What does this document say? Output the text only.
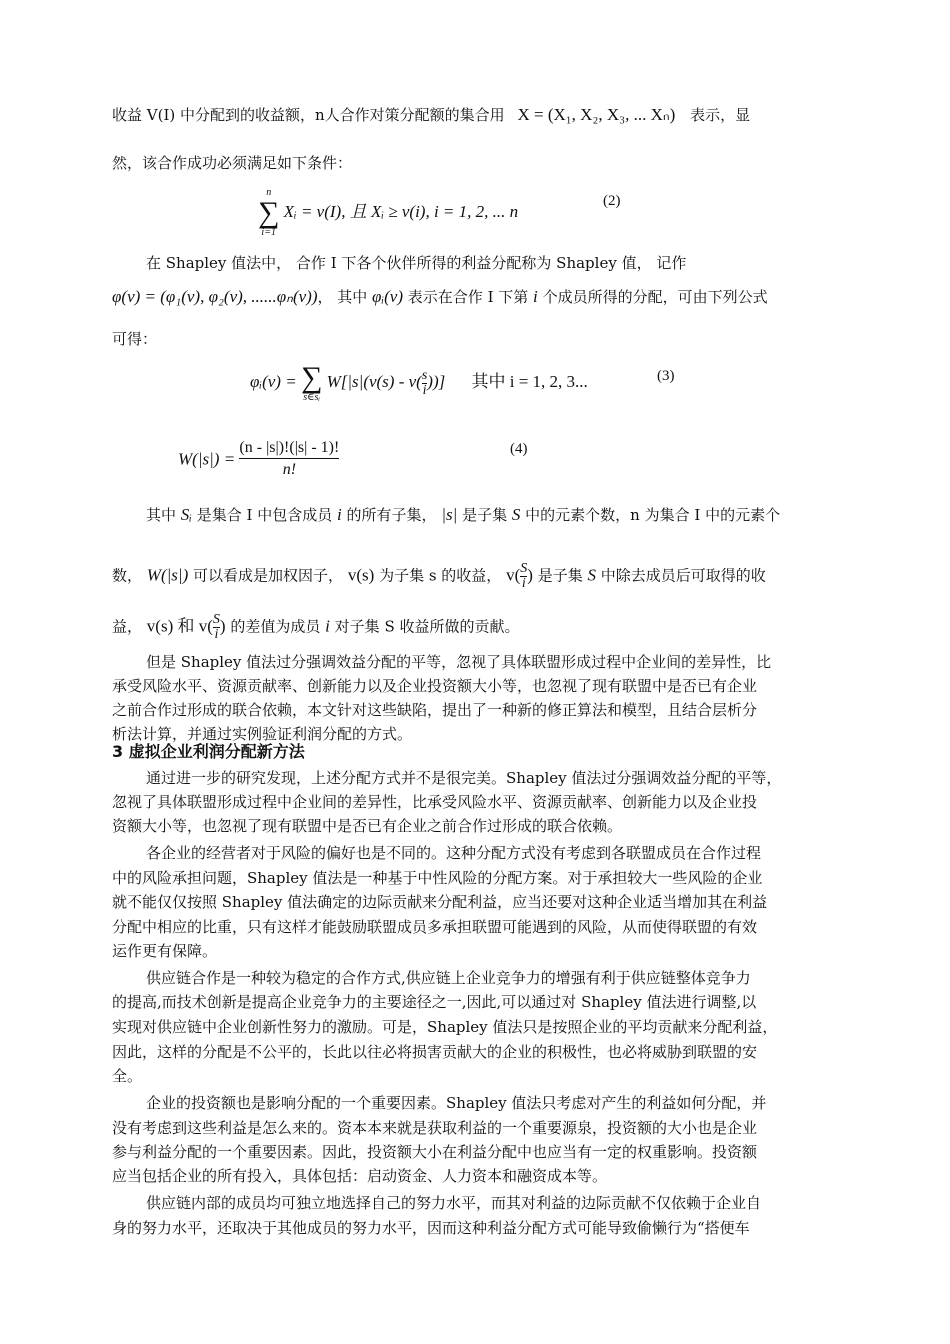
收益 V(I) 中分配到的收益额，n人合作对策分配额的集合用 X = (X₁, X₂, X₃, ... Xₙ) 表示，显
然，该合作成功必须满足如下条件：
n
∑
i=1
Xᵢ = v(I), 且 Xᵢ ≥ v(i), i = 1, 2, ... n
(2)
在 Shapley 值法中， 合作 I 下各个伙伴所得的利益分配称为 Shapley 值， 记作
φ(v) = (φ₁(v), φ₂(v), ......φₙ(v))， 其中 φᵢ(v) 表示在合作 I 下第 i 个成员所得的分配，可由下列公式
可得：
φᵢ(v) = ∑
s∈sᵢ
$W[|s|(v(s) - v( \frac{s}{i}$ ))] 其中 i = 1, 2, 3...	(3)
$W(|s|) = \frac{(n - |s|)!(|s| - 1)!}{n!}$	(4)
其中 Sᵢ 是集合 I 中包含成员 i 的所有子集， |s| 是子集 S 中的元素个数，n 为集合 I 中的元素个
数， W(|s|) 可以看成是加权因子， v(s) 为子集 s 的收益， $v( \frac{S}{i}$ ) 是子集 S 中除去成员后可取得的收
益， v(s) 和 $v( \frac{S}{i}$ ) 的差值为成员 i 对子集 S 收益所做的贡献。
但是 Shapley 值法过分强调效益分配的平等，忽视了具体联盟形成过程中企业间的差异性，比
承受风险水平、资源贡献率、创新能力以及企业投资额大小等，也忽视了现有联盟中是否已有企业
之前合作过形成的联合依赖，本文针对这些缺陷，提出了一种新的修正算法和模型，且结合层析分
析法计算，并通过实例验证利润分配的方式。
3 虚拟企业利润分配新方法
通过进一步的研究发现，上述分配方式并不是很完美。Shapley 值法过分强调效益分配的平等，
忽视了具体联盟形成过程中企业间的差异性，比承受风险水平、资源贡献率、创新能力以及企业投
资额大小等，也忽视了现有联盟中是否已有企业之前合作过形成的联合依赖。
各企业的经营者对于风险的偏好也是不同的。这种分配方式没有考虑到各联盟成员在合作过程
中的风险承担问题，Shapley 值法是一种基于中性风险的分配方案。对于承担较大一些风险的企业
就不能仅仅按照 Shapley 值法确定的边际贡献来分配利益，应当还要对这种企业适当增加其在利益
分配中相应的比重，只有这样才能鼓励联盟成员多承担联盟可能遇到的风险，从而使得联盟的有效
运作更有保障。
供应链合作是一种较为稳定的合作方式,供应链上企业竞争力的增强有利于供应链整体竞争力
的提高,而技术创新是提高企业竞争力的主要途径之一,因此,可以通过对 Shapley 值法进行调整,以
实现对供应链中企业创新性努力的激励。可是，Shapley 值法只是按照企业的平均贡献来分配利益，
因此，这样的分配是不公平的，长此以往必将损害贡献大的企业的积极性，也必将威胁到联盟的安
全。
企业的投资额也是影响分配的一个重要因素。Shapley 值法只考虑对产生的利益如何分配，并
没有考虑到这些利益是怎么来的。资本本来就是获取利益的一个重要源泉，投资额的大小也是企业
参与利益分配的一个重要因素。因此，投资额大小在利益分配中也应当有一定的权重影响。投资额
应当包括企业的所有投入，具体包括：启动资金、人力资本和融资成本等。
供应链内部的成员均可独立地选择自己的努力水平，而其对利益的边际贡献不仅依赖于企业自
身的努力水平，还取决于其他成员的努力水平，因而这种利益分配方式可能导致偷懒行为“搭便车
